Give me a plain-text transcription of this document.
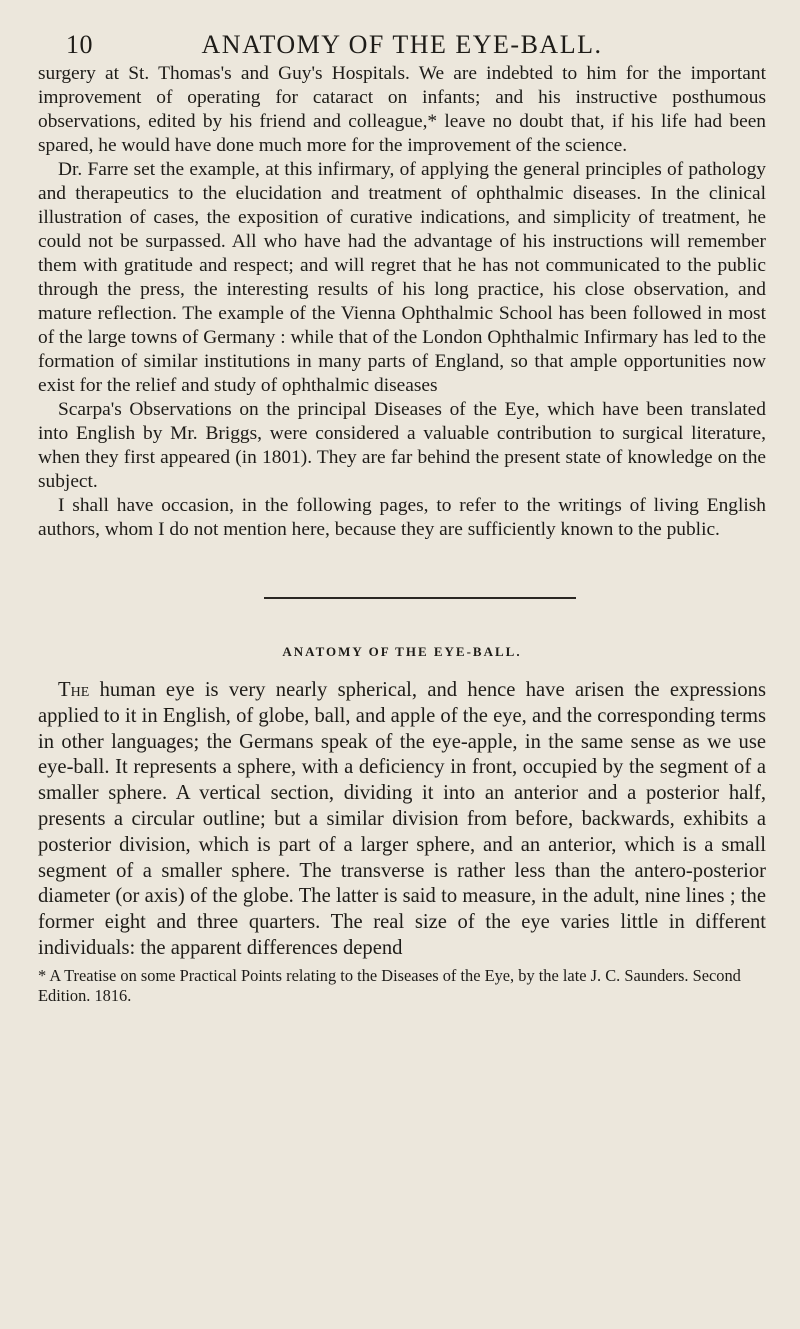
10	ANATOMY OF THE EYE-BALL.

surgery at St. Thomas's and Guy's Hospitals. We are indebted to him for the important improvement of operating for cataract on infants; and his instructive posthumous observations, edited by his friend and colleague,* leave no doubt that, if his life had been spared, he would have done much more for the improvement of the science.

Dr. Farre set the example, at this infirmary, of applying the general principles of pathology and therapeutics to the elucidation and treatment of ophthalmic diseases. In the clinical illustration of cases, the exposition of curative indications, and simplicity of treatment, he could not be surpassed. All who have had the advantage of his instructions will remember them with gratitude and respect; and will regret that he has not communicated to the public through the press, the interesting results of his long practice, his close observation, and mature reflection. The example of the Vienna Ophthalmic School has been followed in most of the large towns of Germany : while that of the London Ophthalmic Infirmary has led to the formation of similar institutions in many parts of England, so that ample opportunities now exist for the relief and study of ophthalmic diseases

Scarpa's Observations on the principal Diseases of the Eye, which have been translated into English by Mr. Briggs, were considered a valuable contribution to surgical literature, when they first appeared (in 1801). They are far behind the present state of knowledge on the subject.

I shall have occasion, in the following pages, to refer to the writings of living English authors, whom I do not mention here, because they are sufficiently known to the public.

ANATOMY OF THE EYE-BALL.

The human eye is very nearly spherical, and hence have arisen the expressions applied to it in English, of globe, ball, and apple of the eye, and the corresponding terms in other languages; the Germans speak of the eye-apple, in the same sense as we use eye-ball. It represents a sphere, with a deficiency in front, occupied by the segment of a smaller sphere. A vertical section, dividing it into an anterior and a posterior half, presents a circular outline; but a similar division from before, backwards, exhibits a posterior division, which is part of a larger sphere, and an anterior, which is a small segment of a smaller sphere. The transverse is rather less than the antero-posterior diameter (or axis) of the globe. The latter is said to measure, in the adult, nine lines ; the former eight and three quarters. The real size of the eye varies little in different individuals: the apparent differences depend

* A Treatise on some Practical Points relating to the Diseases of the Eye, by the late J. C. Saunders. Second Edition. 1816.
